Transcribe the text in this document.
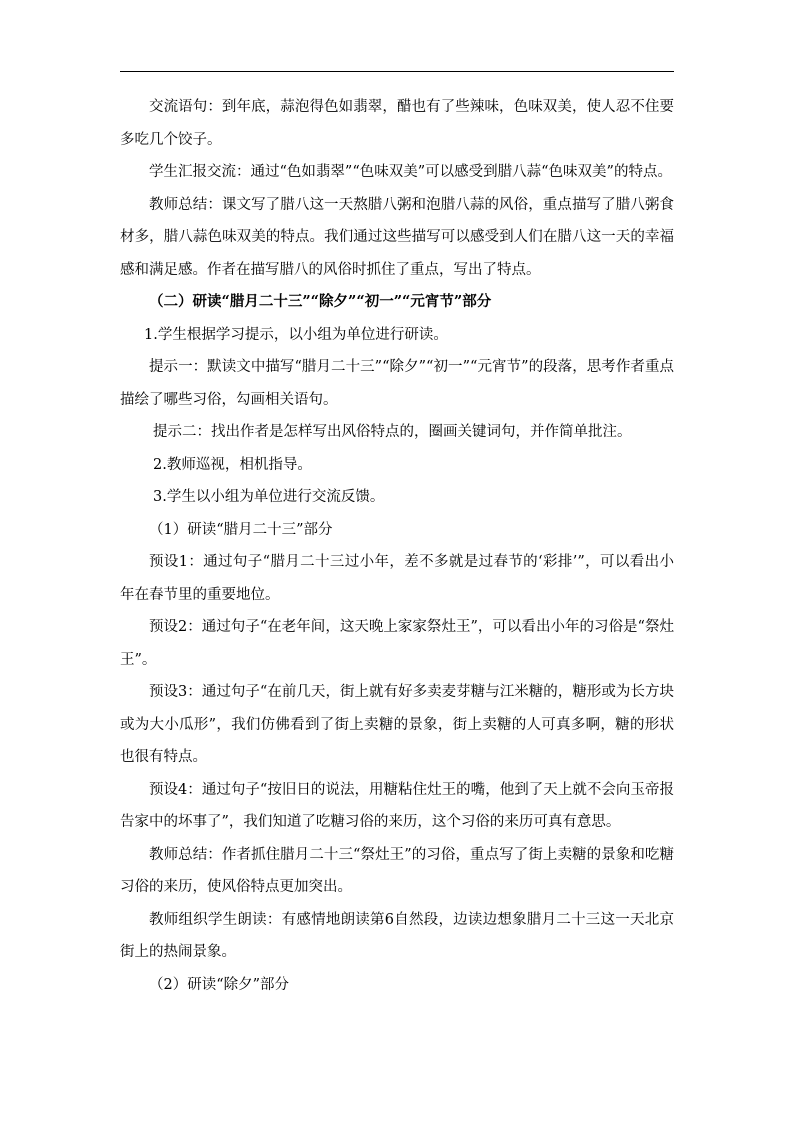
交流语句：到年底，蒜泡得色如翡翠，醋也有了些辣味，色味双美，使人忍不住要多吃几个饺子。

学生汇报交流：通过“色如翡翠”“色味双美”可以感受到腊八蒜“色味双美”的特点。

教师总结：课文写了腊八这一天熬腊八粥和泡腊八蒜的风俗，重点描写了腊八粥食材多，腊八蒜色味双美的特点。我们通过这些描写可以感受到人们在腊八这一天的幸福感和满足感。作者在描写腊八的风俗时抓住了重点，写出了特点。

（二）研读“腊月二十三”“除夕”“初一”“元宵节”部分

1.学生根据学习提示，以小组为单位进行研读。

提示一：默读文中描写“腊月二十三”“除夕”“初一”“元宵节”的段落，思考作者重点描绘了哪些习俗，勾画相关语句。

提示二：找出作者是怎样写出风俗特点的，圈画关键词句，并作简单批注。

2.教师巡视，相机指导。

3.学生以小组为单位进行交流反馈。

（1）研读“腊月二十三”部分

预设1：通过句子“腊月二十三过小年，差不多就是过春节的‘彩排’”，可以看出小年在春节里的重要地位。

预设2：通过句子“在老年间，这天晚上家家祭灶王”，可以看出小年的习俗是“祭灶王”。

预设3：通过句子“在前几天，街上就有好多卖麦芽糖与江米糖的，糖形或为长方块或为大小瓜形”，我们仿佛看到了街上卖糖的景象，街上卖糖的人可真多啊，糖的形状也很有特点。

预设4：通过句子“按旧日的说法，用糖粘住灶王的嘴，他到了天上就不会向玉帝报告家中的坏事了”，我们知道了吃糖习俗的来历，这个习俗的来历可真有意思。

教师总结：作者抓住腊月二十三“祭灶王”的习俗，重点写了街上卖糖的景象和吃糖习俗的来历，使风俗特点更加突出。

教师组织学生朗读：有感情地朗读第6自然段，边读边想象腊月二十三这一天北京街上的热闹景象。

（2）研读“除夕”部分
